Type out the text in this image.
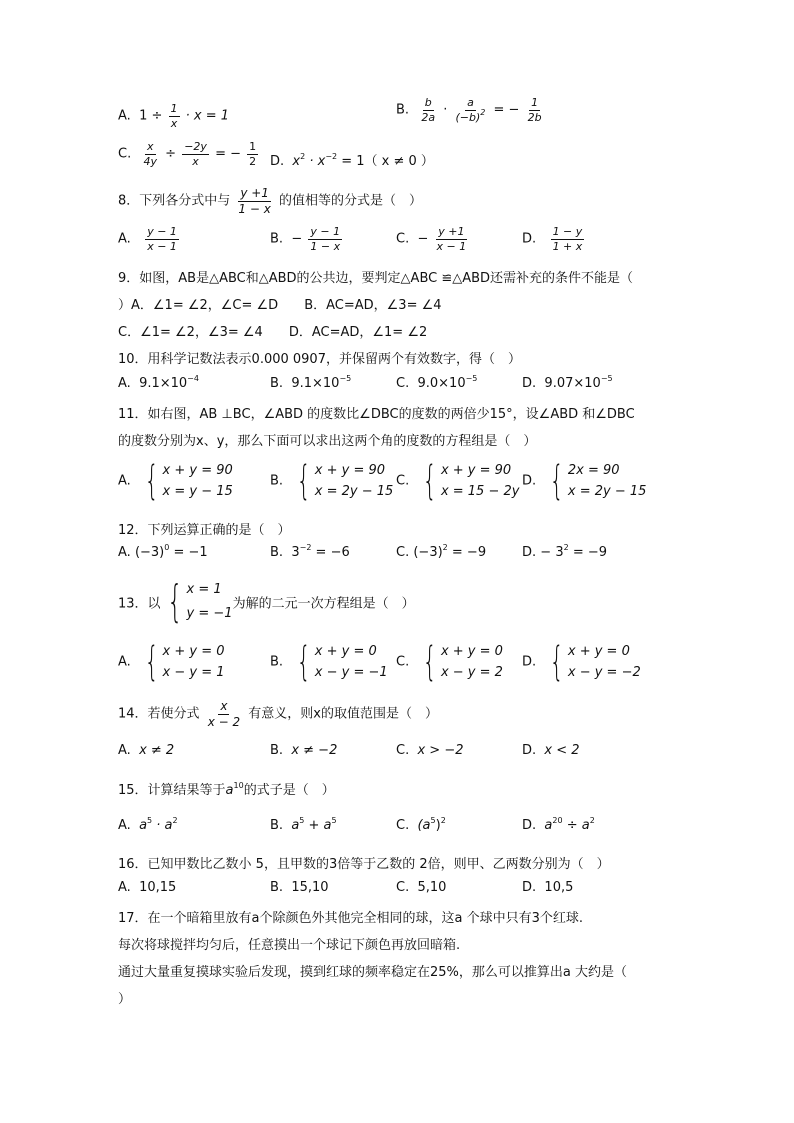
A. $1 \div \frac{1}{x} \cdot x = 1$	B. $\frac{b}{2a} \cdot \frac{a}{(-b)^2}$ = − $\frac{1}{2b}$
C. $\frac{x}{4y} \div \frac{-2y}{x}$ = − $\frac{1}{2} D$. $x^2 \cdot x^{-2} = 1$（ x ≠ 0 ）
8．下列各分式中与 $\frac{y +1}{1 - x}$ 的值相等的分式是（　）
A. $\frac{y - 1}{x - 1}$	B. − $\frac{y - 1}{1 - x}$	C. − $\frac{y +1}{x - 1}$	D. $\frac{1 - y}{1 + x}$
9．如图，AB是△ABC和△ABD的公共边，要判定△ABC ≌△ABD还需补充的条件不能是（
）A．∠1= ∠2，∠C= ∠D　　B．AC=AD，∠3= ∠4
C．∠1= ∠2，∠3= ∠4　　D．AC=AD，∠1= ∠2
10．用科学记数法表示0.000 0907，并保留两个有效数字，得（　）
A. $9.1\times 10^{-4}$	B. $9.1\times 10^{-5}$	C. $9.0\times 10^{-5}$	D. $9.07\times 10^{-5}$
11．如右图，AB ⊥BC，∠ABD 的度数比∠DBC的度数的两倍少15°，设∠ABD 和∠DBC
的度数分别为x、y，那么下面可以求出这两个角的度数的方程组是（　）
A. { x + y = 90
x = y − 15
B. { x + y = 90
x = 2y − 15
C. { x + y = 90
x = 15 − 2y
D. { 2x = 90
x = 2y − 15
12．下列运算正确的是（　）
A. $(-3)^0 = -1$	B. $3^{-2} = -6$	C. $(-3)^2 = -9$	D. − $3^2 = -9$
13．以 { x = 1
y = −1
为解的二元一次方程组是（　）
A. { x + y = 0
x − y = 1
B. { x + y = 0
x − y = −1
C. { x + y = 0
x − y = 2
D. { x + y = 0
x − y = −2
14．若使分式 $\frac{x}{x - 2}$ 有意义，则x的取值范围是（　）
A. x ≠ 2	B. x ≠ −2	C. x > −2	D. x < 2
15．计算结果等于$a^{10}$的式子是（　）
A. $a^5 \cdot a^2$	B. $a^5 + a^5$	C. $(a^5)^2$	D. $a^{20} \div a^2$
16．已知甲数比乙数小 5，且甲数的3倍等于乙数的 2倍，则甲、乙两数分别为（　）
A. 10,15	B. 15,10	C. 5,10	D. 10,5
17．在一个暗箱里放有a个除颜色外其他完全相同的球，这a 个球中只有3个红球.
每次将球搅拌均匀后，任意摸出一个球记下颜色再放回暗箱.
通过大量重复摸球实验后发现，摸到红球的频率稳定在25%，那么可以推算出a 大约是（
）
